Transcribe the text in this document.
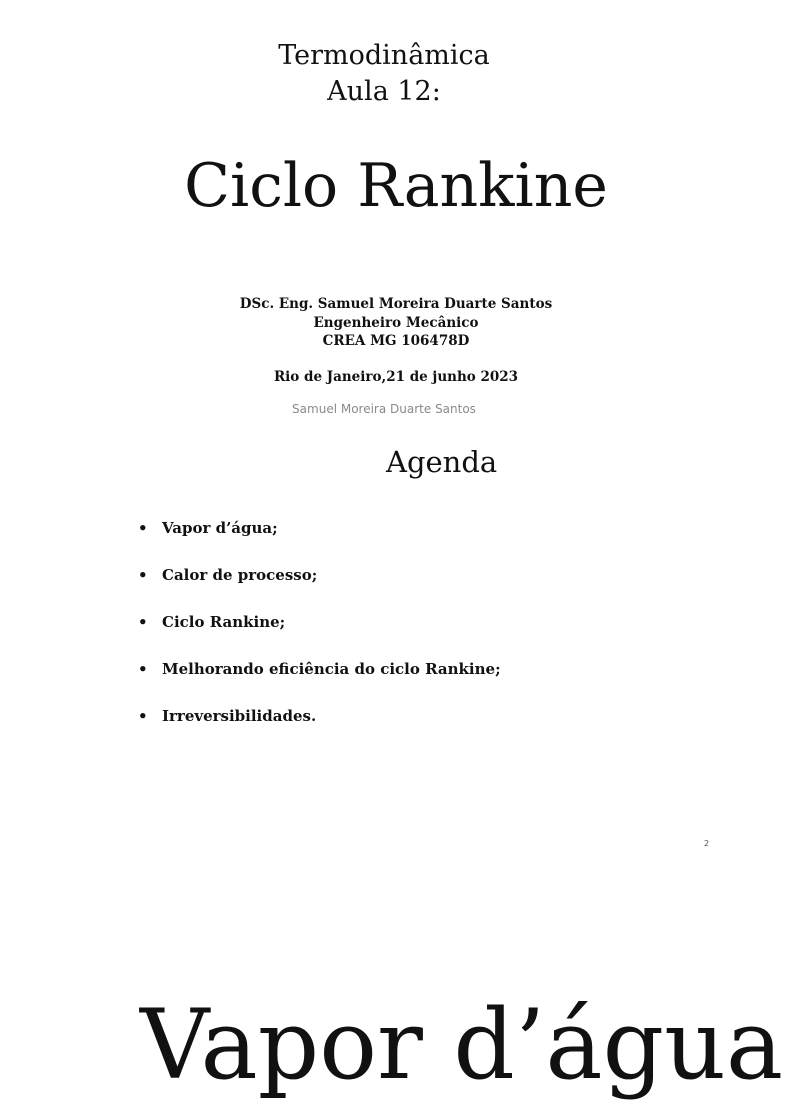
Termodinâmica
Aula 12:
Ciclo Rankine
DSc. Eng. Samuel Moreira Duarte Santos
Engenheiro Mecânico
CREA MG 106478D
Rio de Janeiro,21 de junho 2023
Samuel Moreira Duarte Santos
Agenda
• Vapor d’água;
• Calor de processo;
• Ciclo Rankine;
• Melhorando eficiência do ciclo Rankine;
• Irreversibilidades.
2
Vapor d’água
